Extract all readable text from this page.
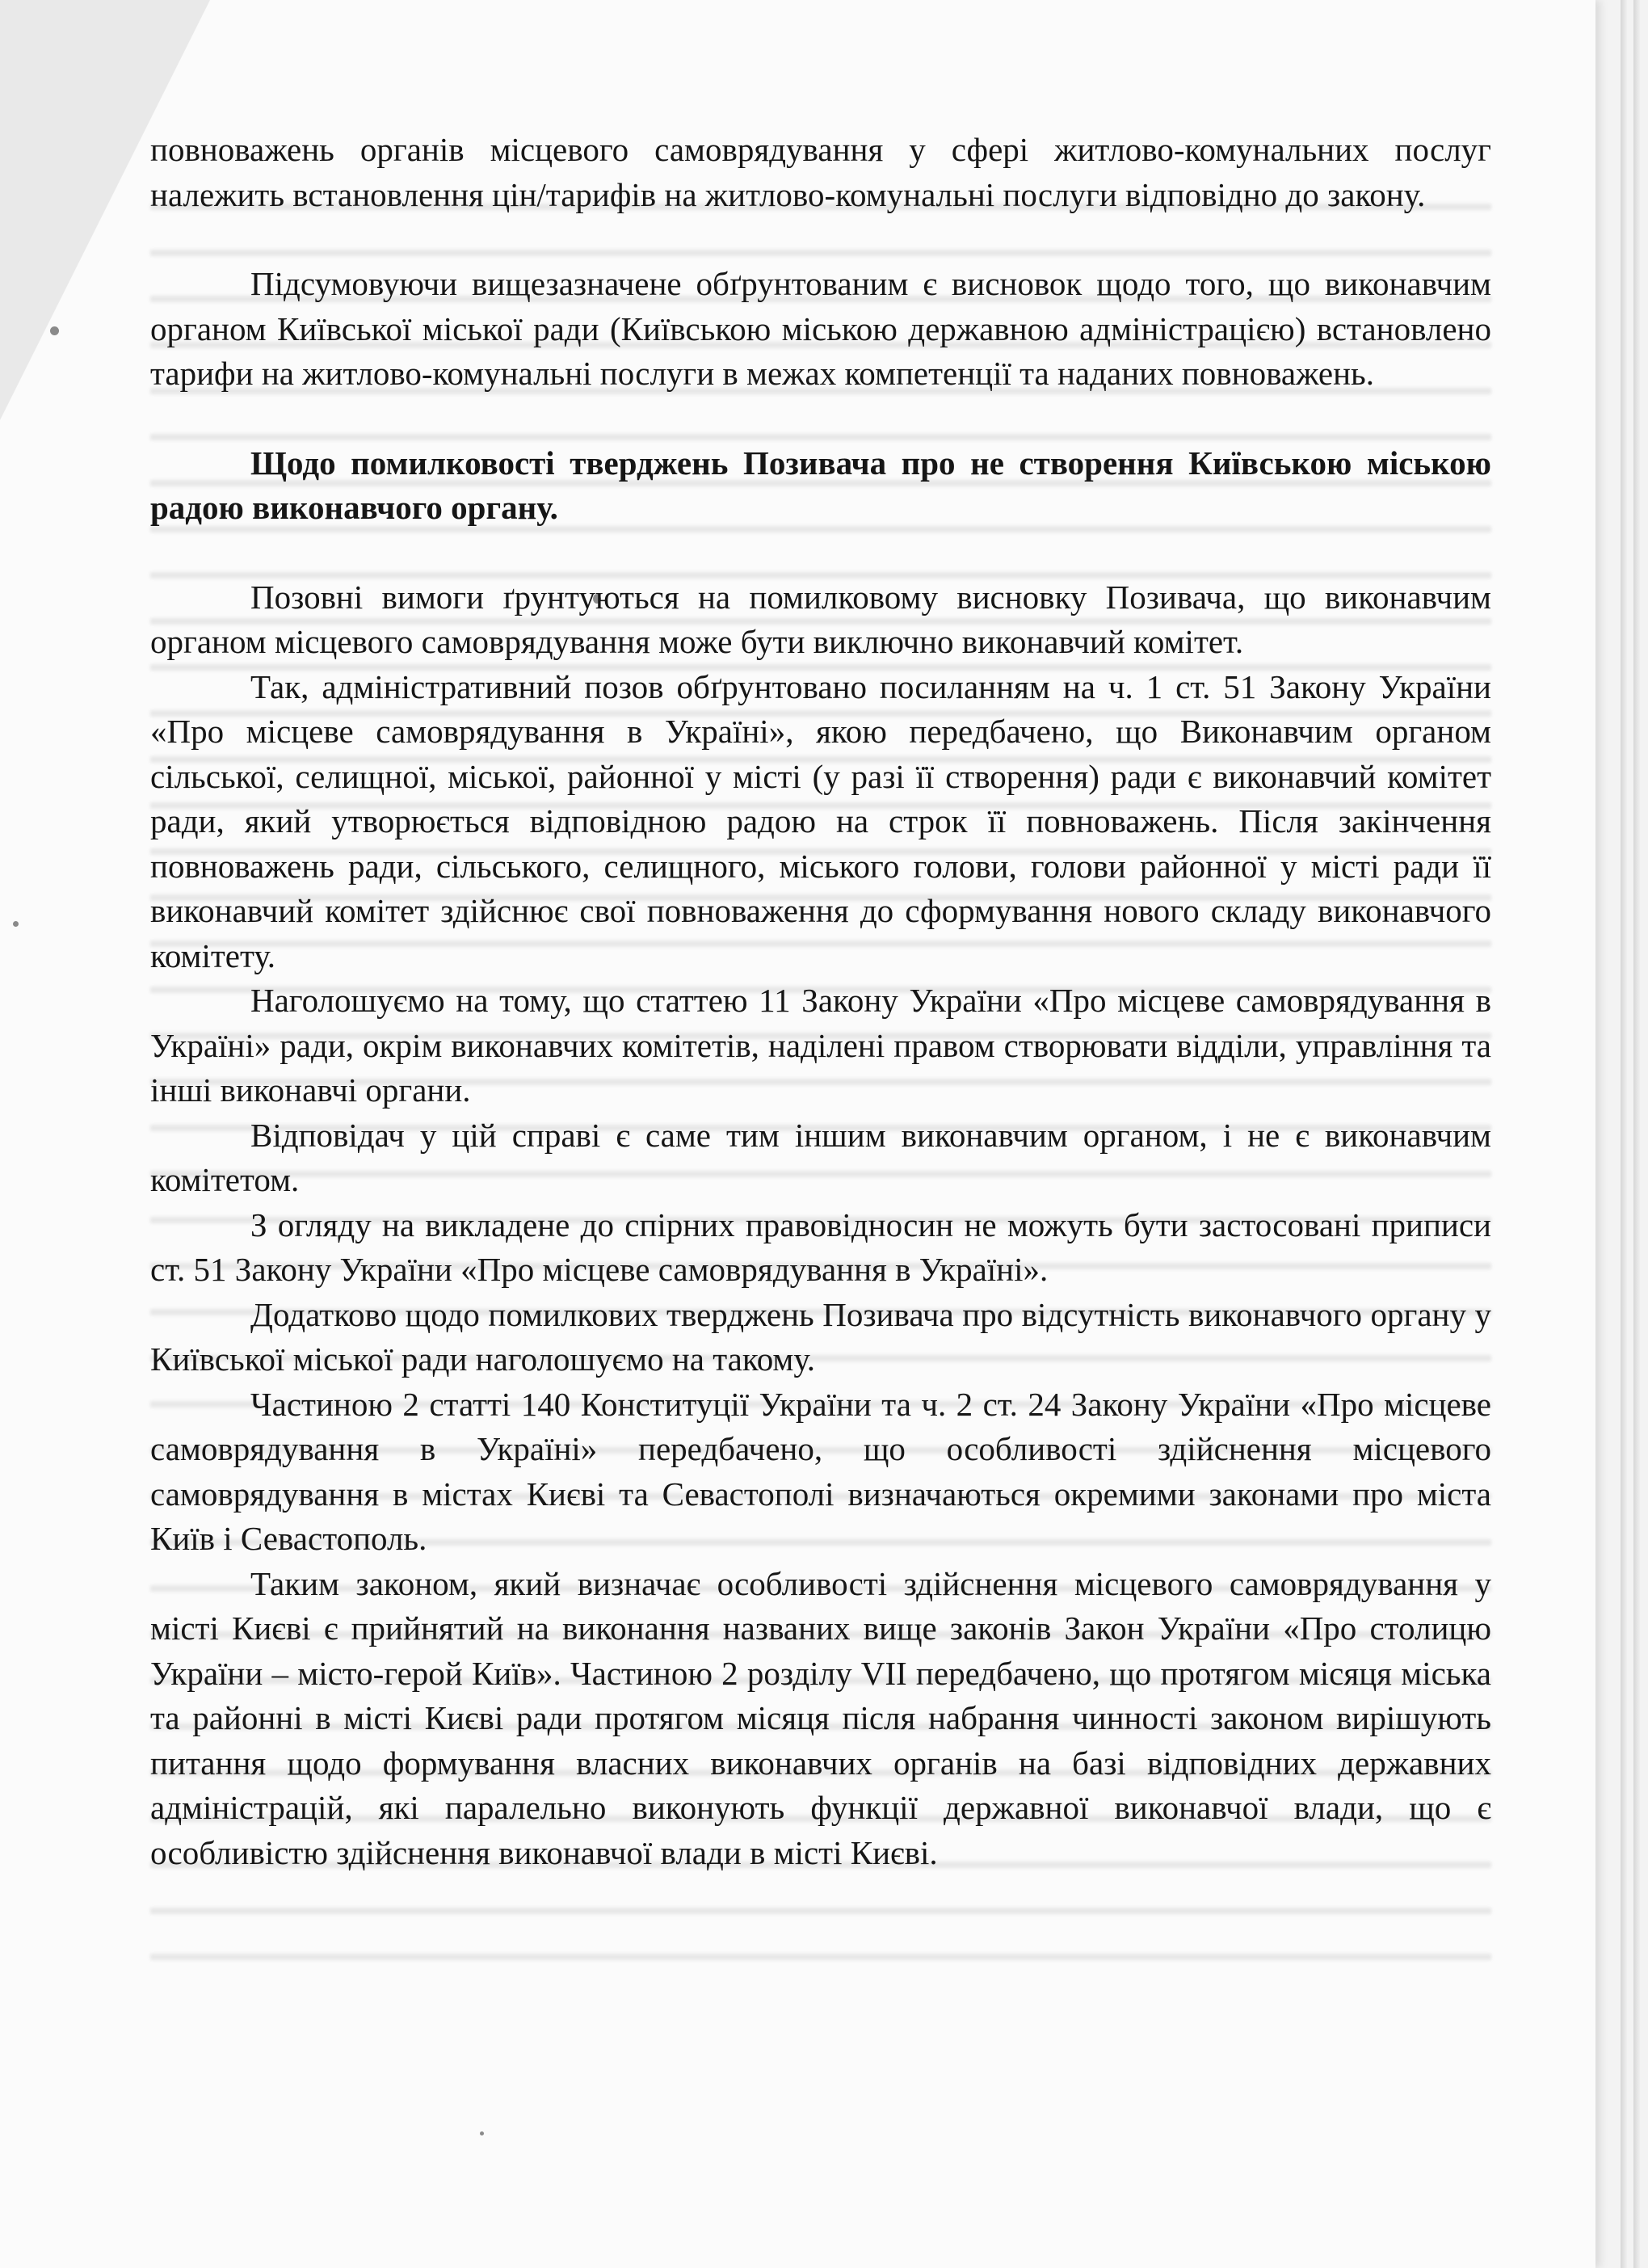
повноважень органів місцевого самоврядування у сфері житлово-комунальних послуг належить встановлення цін/тарифів на житлово-комунальні послуги відповідно до закону.

Підсумовуючи вищезазначене обґрунтованим є висновок щодо того, що виконавчим органом Київської міської ради (Київською міською державною адміністрацією) встановлено тарифи на житлово-комунальні послуги в межах компетенції та наданих повноважень.

Щодо помилковості тверджень Позивача про не створення Київською міською радою виконавчого органу.

Позовні вимоги ґрунтуються на помилковому висновку Позивача, що виконавчим органом місцевого самоврядування може бути виключно виконавчий комітет.

Так, адміністративний позов обґрунтовано посиланням на ч. 1 ст. 51 Закону України «Про місцеве самоврядування в Україні», якою передбачено, що Виконавчим органом сільської, селищної, міської, районної у місті (у разі її створення) ради є виконавчий комітет ради, який утворюється відповідною радою на строк її повноважень. Після закінчення повноважень ради, сільського, селищного, міського голови, голови районної у місті ради її виконавчий комітет здійснює свої повноваження до сформування нового складу виконавчого комітету.

Наголошуємо на тому, що статтею 11 Закону України «Про місцеве самоврядування в Україні» ради, окрім виконавчих комітетів, наділені правом створювати відділи, управління та інші виконавчі органи.

Відповідач у цій справі є саме тим іншим виконавчим органом, і не є виконавчим комітетом.

З огляду на викладене до спірних правовідносин не можуть бути застосовані приписи ст. 51 Закону України «Про місцеве самоврядування в Україні».

Додатково щодо помилкових тверджень Позивача про відсутність виконавчого органу у Київської міської ради наголошуємо на такому.

Частиною 2 статті 140 Конституції України та ч. 2 ст. 24 Закону України «Про місцеве самоврядування в Україні» передбачено, що особливості здійснення місцевого самоврядування в містах Києві та Севастополі визначаються окремими законами про міста Київ і Севастополь.

Таким законом, який визначає особливості здійснення місцевого самоврядування у місті Києві є прийнятий на виконання названих вище законів Закон України «Про столицю України – місто-герой Київ». Частиною 2 розділу VII передбачено, що протягом місяця міська та районні в місті Києві ради протягом місяця після набрання чинності законом вирішують питання щодо формування власних виконавчих органів на базі відповідних державних адміністрацій, які паралельно виконують функції державної виконавчої влади, що є особливістю здійснення виконавчої влади в місті Києві.
